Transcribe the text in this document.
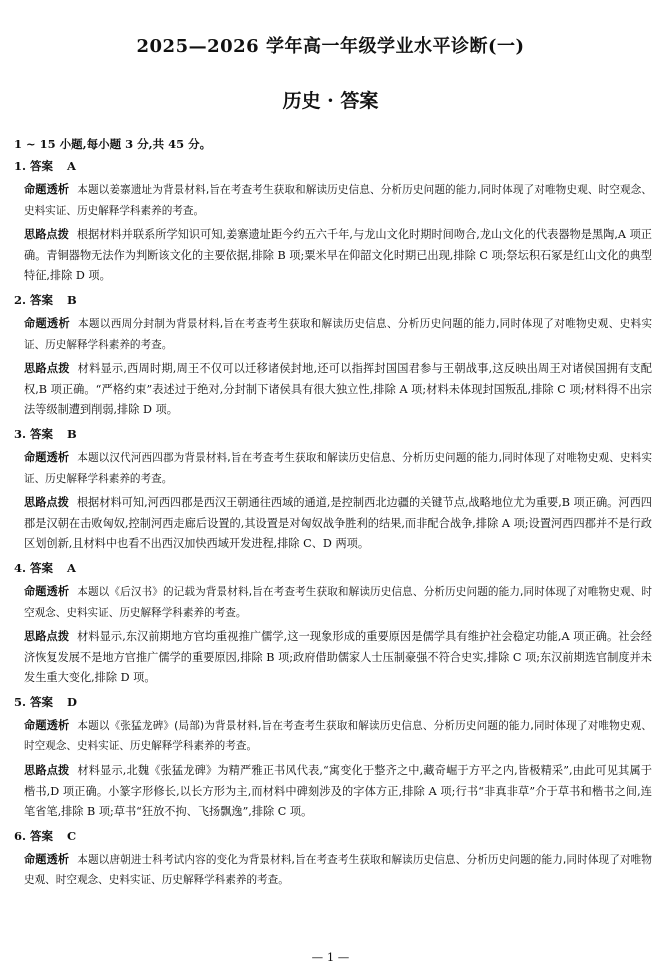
2025—2026 学年高一年级学业水平诊断(一)
历史 · 答案
1 ~ 15 小题,每小题 3 分,共 45 分。
1. 答案 A
命题透析 本题以姜寨遗址为背景材料,旨在考查考生获取和解读历史信息、分析历史问题的能力,同时体现了对唯物史观、时空观念、史料实证、历史解释学科素养的考查。
思路点拨 根据材料并联系所学知识可知,姜寨遗址距今约五六千年,与龙山文化时期时间吻合,龙山文化的代表器物是黑陶,A 项正确。青铜器物无法作为判断该文化的主要依据,排除 B 项;粟米早在仰韶文化时期已出现,排除 C 项;祭坛积石冢是红山文化的典型特征,排除 D 项。
2. 答案 B
命题透析 本题以西周分封制为背景材料,旨在考查考生获取和解读历史信息、分析历史问题的能力,同时体现了对唯物史观、史料实证、历史解释学科素养的考查。
思路点拨 材料显示,西周时期,周王不仅可以迁移诸侯封地,还可以指挥封国国君参与王朝战事,这反映出周王对诸侯国拥有支配权,B 项正确。“严格约束”表述过于绝对,分封制下诸侯具有很大独立性,排除 A 项;材料未体现封国叛乱,排除 C 项;材料得不出宗法等级制遭到削弱,排除 D 项。
3. 答案 B
命题透析 本题以汉代河西四郡为背景材料,旨在考查考生获取和解读历史信息、分析历史问题的能力,同时体现了对唯物史观、史料实证、历史解释学科素养的考查。
思路点拨 根据材料可知,河西四郡是西汉王朝通往西域的通道,是控制西北边疆的关键节点,战略地位尤为重要,B 项正确。河西四郡是汉朝在击败匈奴,控制河西走廊后设置的,其设置是对匈奴战争胜利的结果,而非配合战争,排除 A 项;设置河西四郡并不是行政区划创新,且材料中也看不出西汉加快西域开发进程,排除 C、D 两项。
4. 答案 A
命题透析 本题以《后汉书》的记载为背景材料,旨在考查考生获取和解读历史信息、分析历史问题的能力,同时体现了对唯物史观、时空观念、史料实证、历史解释学科素养的考查。
思路点拨 材料显示,东汉前期地方官均重视推广儒学,这一现象形成的重要原因是儒学具有维护社会稳定功能,A 项正确。社会经济恢复发展不是地方官推广儒学的重要原因,排除 B 项;政府借助儒家人士压制豪强不符合史实,排除 C 项;东汉前期选官制度并未发生重大变化,排除 D 项。
5. 答案 D
命题透析 本题以《张猛龙碑》(局部)为背景材料,旨在考查考生获取和解读历史信息、分析历史问题的能力,同时体现了对唯物史观、时空观念、史料实证、历史解释学科素养的考查。
思路点拨 材料显示,北魏《张猛龙碑》为精严雅正书风代表,“寓变化于整齐之中,藏奇崛于方平之内,皆极精采”,由此可见其属于楷书,D 项正确。小篆字形修长,以长方形为主,而材料中碑刻涉及的字体方正,排除 A 项;行书“非真非草”介于草书和楷书之间,连笔省笔,排除 B 项;草书“狂放不拘、飞扬飘逸”,排除 C 项。
6. 答案 C
命题透析 本题以唐朝进士科考试内容的变化为背景材料,旨在考查考生获取和解读历史信息、分析历史问题的能力,同时体现了对唯物史观、时空观念、史料实证、历史解释学科素养的考查。
— 1 —
